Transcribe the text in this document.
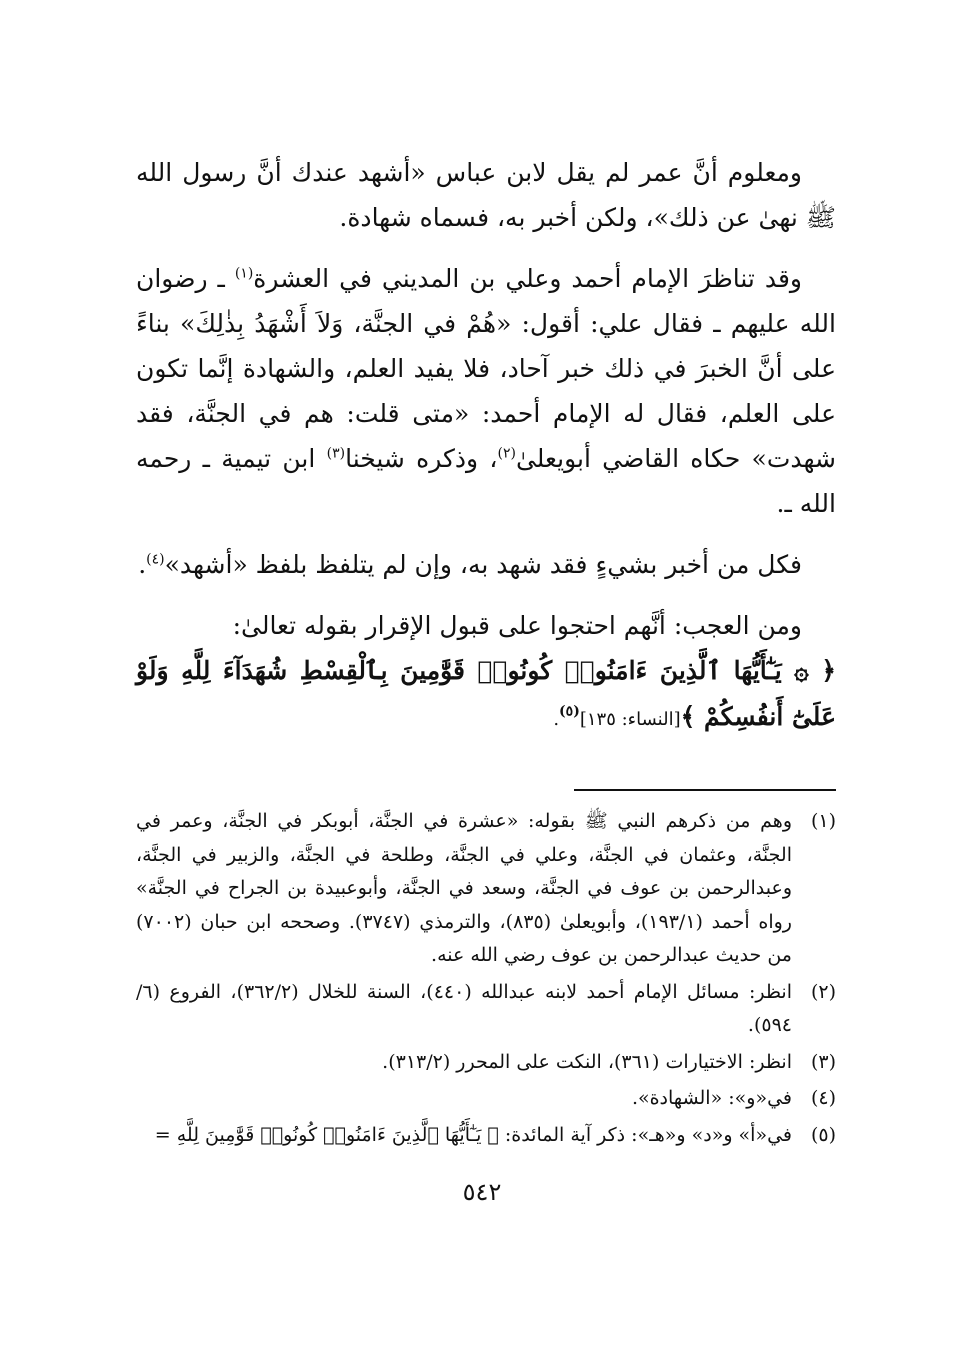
ومعلوم أنَّ عمر لم يقل لابن عباس «أشهد عندك أنَّ رسول الله ﷺ نهىٰ عن ذلك»، ولكن أخبر به، فسماه شهادة.

وقد تناظرَ الإمام أحمد وعلي بن المديني في العشرة$^{(١)}$ ـ رضوان الله عليهم ـ فقال علي: أقول: «هُمْ في الجنَّة، وَلاَ أَشْهَدُ بِذٰلِكَ» بناءً على أنَّ الخبرَ في ذلك خبر آحاد، فلا يفيد العلم، والشهادة إنَّما تكون على العلم، فقال له الإمام أحمد: «متى قلت: هم في الجنَّة، فقد شهدت» حكاه القاضي أبويعلىٰ$^{(٢)}$، وذكره شيخنا$^{(٣)}$ ابن تيمية ـ رحمه الله ـ.

فكل من أخبر بشيءٍ فقد شهد به، وإن لم يتلفظ بلفظ «أشهد»$^{(٤)}$.

ومن العجب: أنَّهم احتجوا على قبول الإقرار بقوله تعالىٰ:

﴿ ۞ يَـٰٓأَيُّهَا ٱلَّذِينَ ءَامَنُوا۟ كُونُوا۟ قَوَّٰمِينَ بِٱلْقِسْطِ شُهَدَآءَ لِلَّهِ وَلَوْ عَلَىٰٓ أَنفُسِكُمْ ﴾[النساء: ١٣٥]$^{(٥)}$.

(١)
وهم من ذكرهم النبي ﷺ بقوله: «عشرة في الجنَّة، أبوبكر في الجنَّة، وعمر في الجنَّة، وعثمان في الجنَّة، وعلي في الجنَّة، وطلحة في الجنَّة، والزبير في الجنَّة، وعبدالرحمن بن عوف في الجنَّة، وسعد في الجنَّة، وأبوعبيدة بن الجراح في الجنَّة» رواه أحمد (١٩٣/١)، وأبويعلىٰ (٨٣٥)، والترمذي (٣٧٤٧). وصححه ابن حبان (٧٠٠٢) من حديث عبدالرحمن بن عوف رضي الله عنه.
(٢)
انظر: مسائل الإمام أحمد لابنه عبدالله (٤٤٠)، السنة للخلال (٣٦٢/٢)، الفروع (٦/ ٥٩٤).
(٣)
انظر: الاختيارات (٣٦١)، النكت على المحرر (٣١٣/٢).
(٤)
في«و»: «الشهادة».
(٥)
في«أ» و«د» و«هـ»: ذكر آية المائدة: ﴿ يَـٰٓأَيُّهَا ٱلَّذِينَ ءَامَنُوا۟ كُونُوا۟ قَوَّٰمِينَ لِلَّهِ =
٥٤٢
